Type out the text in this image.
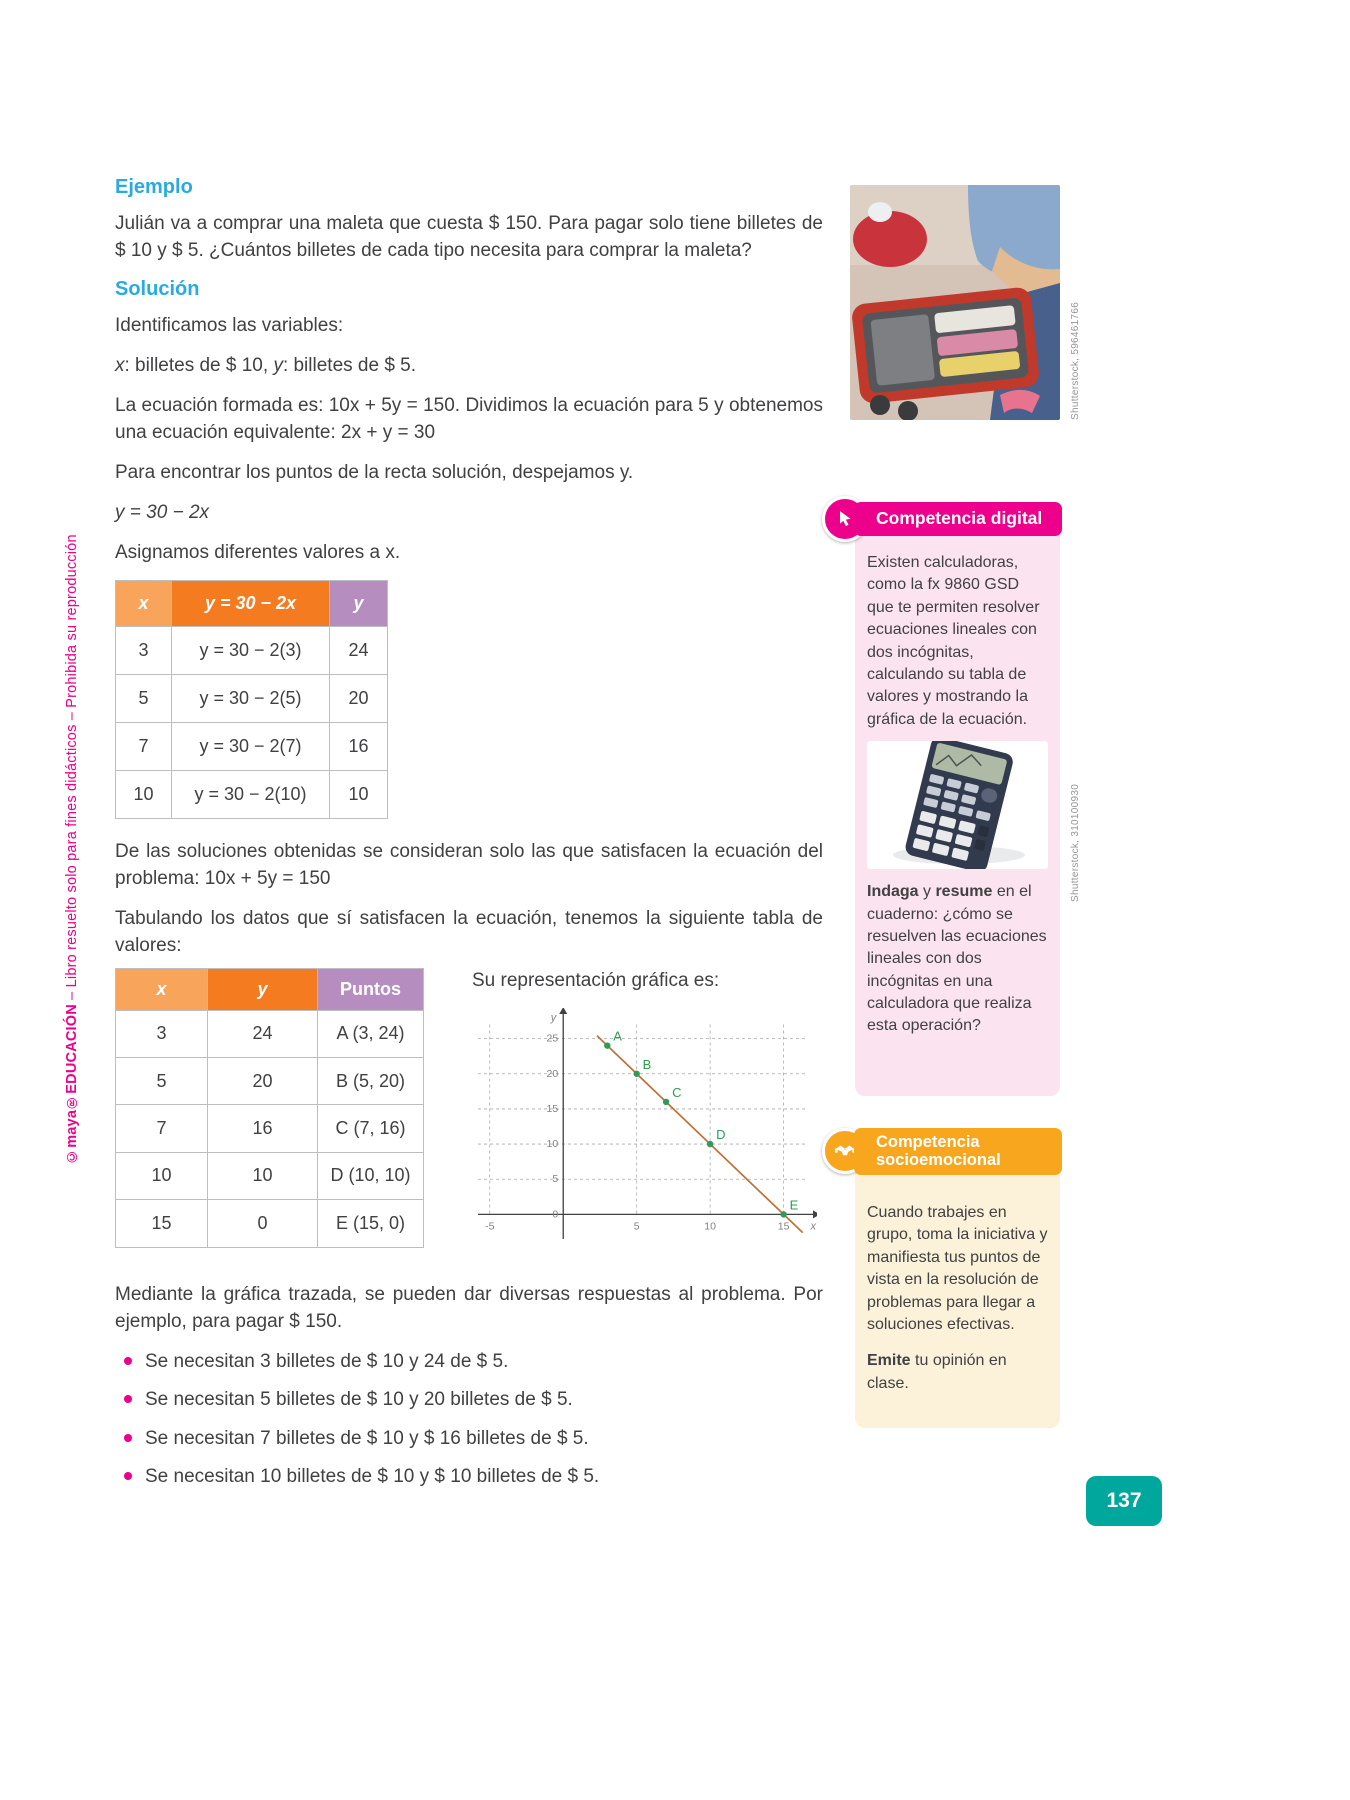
©maya®EDUCACIÓN – Libro resuelto solo para fines didácticos – Prohibida su reproducción
Ejemplo

Julián va a comprar una maleta que cuesta $ 150. Para pagar solo tiene billetes de $ 10 y $ 5. ¿Cuántos billetes de cada tipo necesita para comprar la maleta?

Solución

Identificamos las variables:

x: billetes de $ 10, y: billetes de $ 5.

La ecuación formada es: 10x + 5y = 150. Dividimos la ecuación para 5 y obtenemos una ecuación equivalente: 2x + y = 30

Para encontrar los puntos de la recta solución, despejamos y.

y = 30 − 2x

Asignamos diferentes valores a x.

x	y = 30 − 2x	y
3	y = 30 − 2(3)	24
5	y = 30 − 2(5)	20
7	y = 30 − 2(7)	16
10	y = 30 − 2(10)	10

De las soluciones obtenidas se consideran solo las que satisfacen la ecuación del problema: 10x + 5y = 150

Tabulando los datos que sí satisfacen la ecuación, tenemos la siguiente tabla de valores:

x	y	Puntos
3	24	A (3, 24)
5	20	B (5, 20)
7	16	C (7, 16)
10	10	D (10, 10)
15	0	E (15, 0)

Su representación gráfica es:

-5	5	10	15
0
5
10
15
20
25
y
x
A
B
C
D
E

Mediante la gráfica trazada, se pueden dar diversas respuestas al problema. Por ejemplo, para pagar $ 150.

Se necesitan 3 billetes de $ 10 y 24 de $ 5.
Se necesitan 5 billetes de $ 10 y 20 billetes de $ 5.
Se necesitan 7 billetes de $ 10 y $ 16 billetes de $ 5.
Se necesitan 10 billetes de $ 10 y $ 10 billetes de $ 5.
Shutterstock, 596461766
Competencia digital

Existen calculadoras, como la fx 9860 GSD que te permiten resolver ecuaciones lineales con dos incógnitas, calculando su tabla de valores y mostrando la gráfica de la ecuación.

Indaga y resume en el cuaderno: ¿cómo se resuelven las ecuaciones lineales con dos incógnitas en una calculadora que realiza esta operación?

Shutterstock, 310100930
Competencia
socioemocional

Cuando trabajes en grupo, toma la iniciativa y manifiesta tus puntos de vista en la resolución de problemas para llegar a soluciones efectivas.

Emite tu opinión en clase.

137
